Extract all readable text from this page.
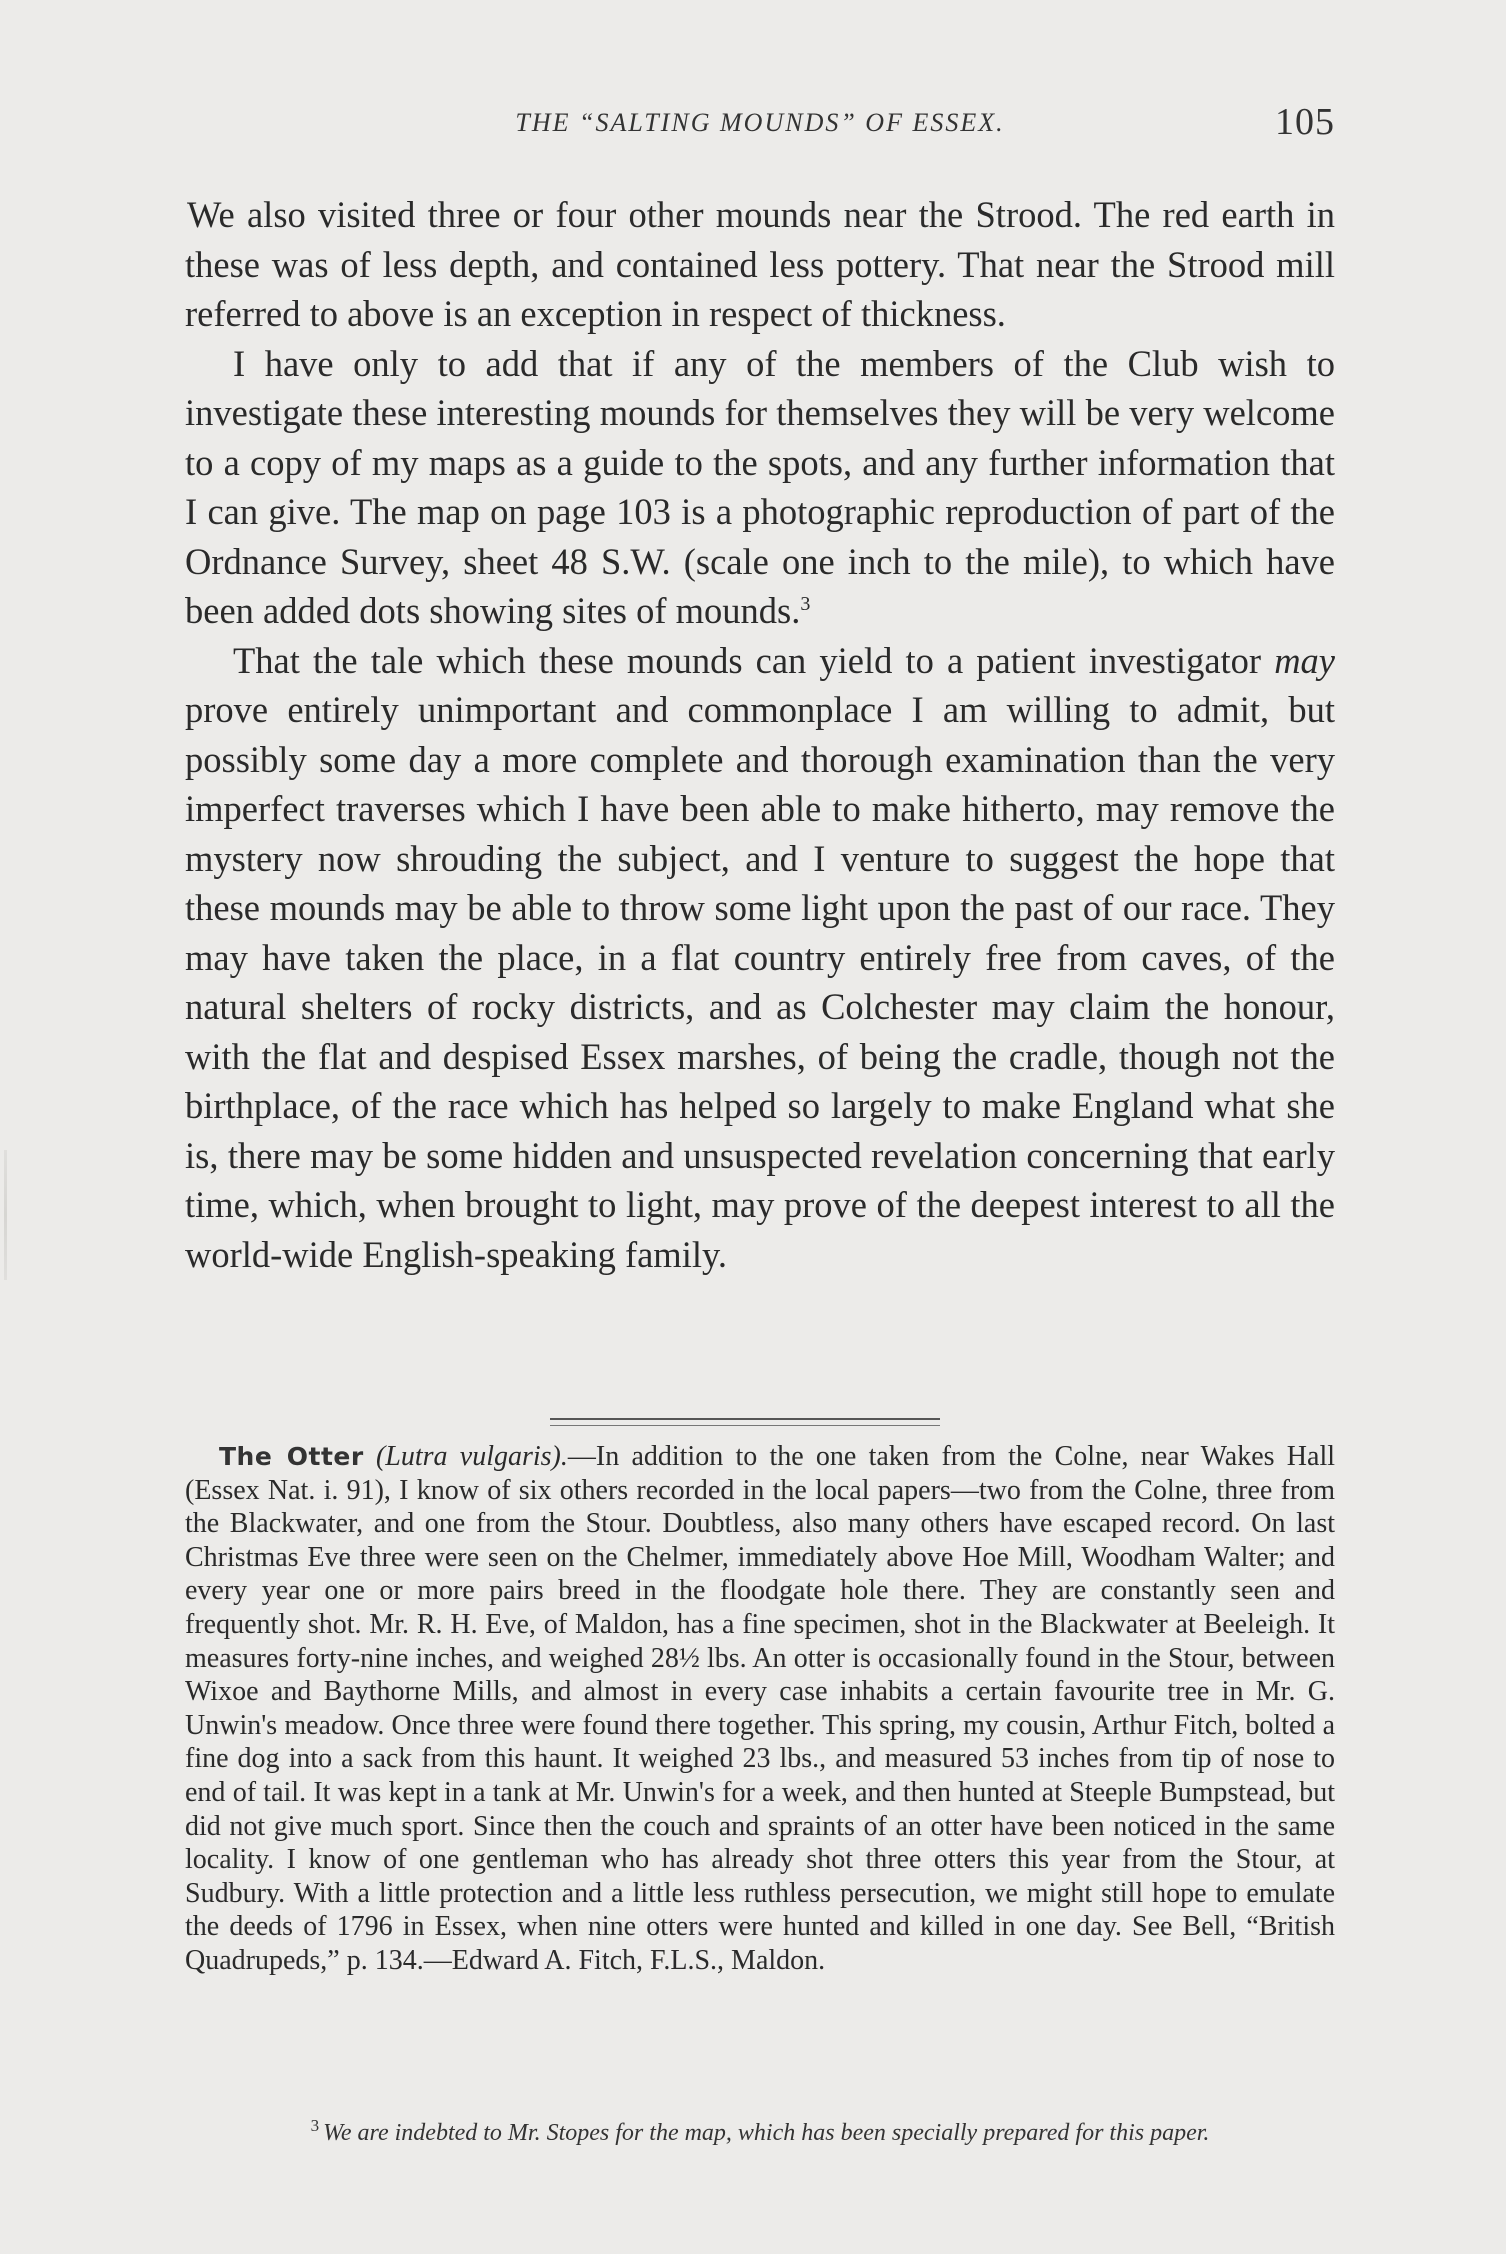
THE “SALTING MOUNDS” OF ESSEX.	105

We also visited three or four other mounds near the Strood. The red earth in these was of less depth, and contained less pottery. That near the Strood mill referred to above is an exception in respect of thickness.

I have only to add that if any of the members of the Club wish to investigate these interesting mounds for themselves they will be very welcome to a copy of my maps as a guide to the spots, and any further information that I can give. The map on page 103 is a photographic reproduction of part of the Ordnance Survey, sheet 48 S.W. (scale one inch to the mile), to which have been added dots showing sites of mounds.$^3$

That the tale which these mounds can yield to a patient investigator may prove entirely unimportant and commonplace I am willing to admit, but possibly some day a more complete and thorough examination than the very imperfect traverses which I have been able to make hitherto, may remove the mystery now shrouding the subject, and I venture to suggest the hope that these mounds may be able to throw some light upon the past of our race. They may have taken the place, in a flat country entirely free from caves, of the natural shelters of rocky districts, and as Colchester may claim the honour, with the flat and despised Essex marshes, of being the cradle, though not the birthplace, of the race which has helped so largely to make England what she is, there may be some hidden and unsuspected revelation concerning that early time, which, when brought to light, may prove of the deepest interest to all the world-wide English-speaking family.

The Otter (Lutra vulgaris).—In addition to the one taken from the Colne, near Wakes Hall (Essex Nat. i. 91), I know of six others recorded in the local papers—two from the Colne, three from the Blackwater, and one from the Stour. Doubtless, also many others have escaped record. On last Christmas Eve three were seen on the Chelmer, immediately above Hoe Mill, Woodham Walter; and every year one or more pairs breed in the floodgate hole there. They are constantly seen and frequently shot. Mr. R. H. Eve, of Maldon, has a fine specimen, shot in the Blackwater at Beeleigh. It measures forty-nine inches, and weighed 28½ lbs. An otter is occasionally found in the Stour, between Wixoe and Baythorne Mills, and almost in every case inhabits a certain favourite tree in Mr. G. Unwin's meadow. Once three were found there together. This spring, my cousin, Arthur Fitch, bolted a fine dog into a sack from this haunt. It weighed 23 lbs., and measured 53 inches from tip of nose to end of tail. It was kept in a tank at Mr. Unwin's for a week, and then hunted at Steeple Bumpstead, but did not give much sport. Since then the couch and spraints of an otter have been noticed in the same locality. I know of one gentleman who has already shot three otters this year from the Stour, at Sudbury. With a little protection and a little less ruthless persecution, we might still hope to emulate the deeds of 1796 in Essex, when nine otters were hunted and killed in one day. See Bell, “British Quadrupeds,” p. 134.—Edward A. Fitch, F.L.S., Maldon.

$^3$ We are indebted to Mr. Stopes for the map, which has been specially prepared for this paper.
